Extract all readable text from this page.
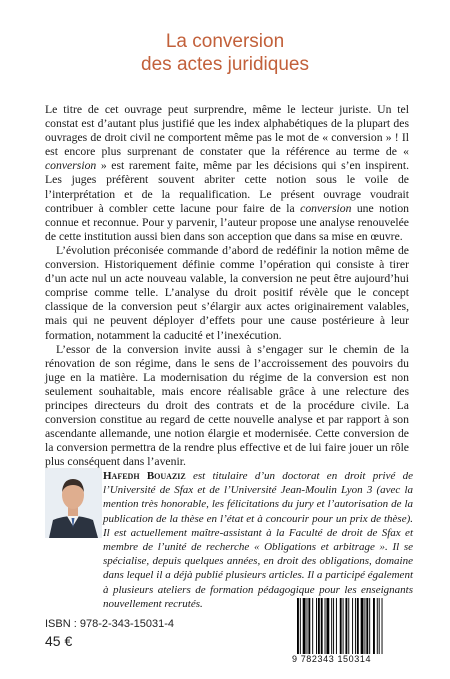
La conversion
des actes juridiques

Le titre de cet ouvrage peut surprendre, même le lecteur juriste. Un tel constat est d’autant plus justifié que les index alphabétiques de la plupart des ouvrages de droit civil ne comportent même pas le mot de « conversion » ! Il est encore plus surprenant de constater que la référence au terme de « conversion » est rarement faite, même par les décisions qui s’en inspirent. Les juges préfèrent souvent abriter cette notion sous le voile de l’interprétation et de la requalification. Le présent ouvrage voudrait contribuer à combler cette lacune pour faire de la conversion une notion connue et reconnue. Pour y parvenir, l’auteur propose une analyse renouvelée de cette institution aussi bien dans son acception que dans sa mise en œuvre.

L’évolution préconisée commande d’abord de redéfinir la notion même de conversion. Historiquement définie comme l’opération qui consiste à tirer d’un acte nul un acte nouveau valable, la conversion ne peut être aujourd’hui comprise comme telle. L’analyse du droit positif révèle que le concept classique de la conversion peut s’élargir aux actes originairement valables, mais qui ne peuvent déployer d’effets pour une cause postérieure à leur formation, notamment la caducité et l’inexécution.

L’essor de la conversion invite aussi à s’engager sur le chemin de la rénovation de son régime, dans le sens de l’accroissement des pouvoirs du juge en la matière. La modernisation du régime de la conversion est non seulement souhaitable, mais encore réalisable grâce à une relecture des principes directeurs du droit des contrats et de la procédure civile. La conversion constitue au regard de cette nouvelle analyse et par rapport à son ascendante allemande, une notion élargie et modernisée. Cette conversion de la conversion permettra de la rendre plus effective et de lui faire jouer un rôle plus conséquent dans l’avenir.

Hafedh Bouaziz est titulaire d’un doctorat en droit privé de l’Université de Sfax et de l’Université Jean-Moulin Lyon 3 (avec la mention très honorable, les félicitations du jury et l’autorisation de la publication de la thèse en l’état et à concourir pour un prix de thèse). Il est actuellement maître-assistant à la Faculté de droit de Sfax et membre de l’unité de recherche « Obligations et arbitrage ». Il se spécialise, depuis quelques années, en droit des obligations, domaine dans lequel il a déjà publié plusieurs articles. Il a participé également à plusieurs ateliers de formation pédagogique pour les enseignants nouvellement recrutés.
ISBN : 978-2-343-15031-4
45 €
9 782343 150314
